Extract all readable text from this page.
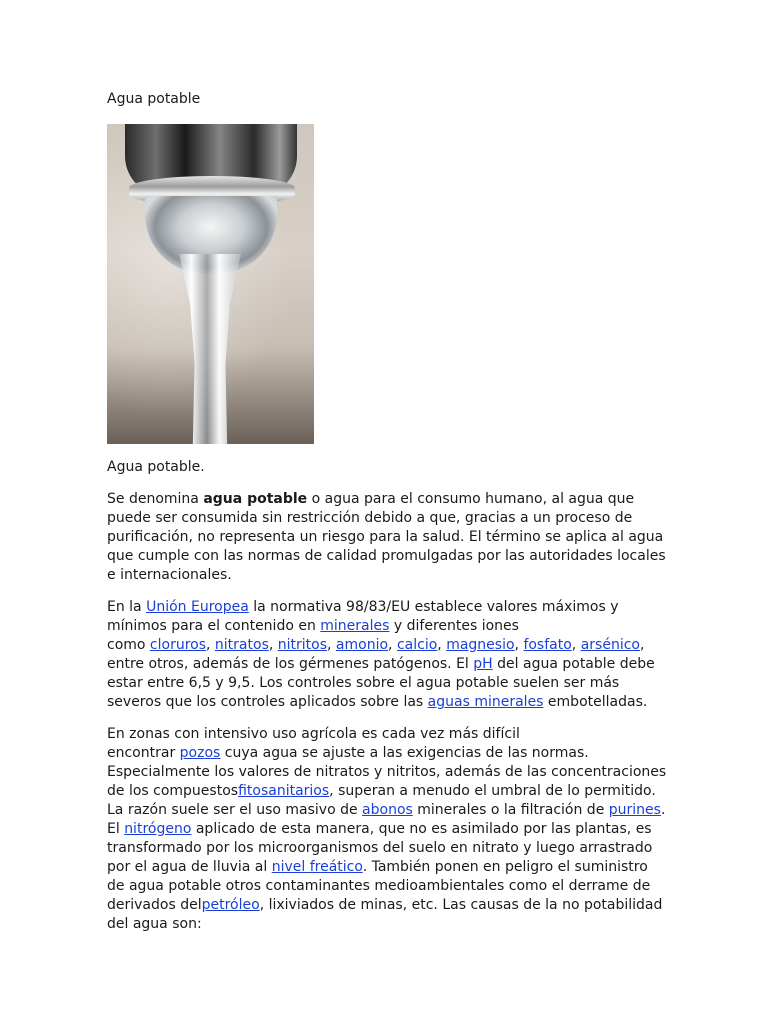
Agua potable

Agua potable.

Se denomina agua potable o agua para el consumo humano, al agua que
puede ser consumida sin restricción debido a que, gracias a un proceso de
purificación, no representa un riesgo para la salud. El término se aplica al agua
que cumple con las normas de calidad promulgadas por las autoridades locales
e internacionales.

En la Unión Europea la normativa 98/83/EU establece valores máximos y
mínimos para el contenido en minerales y diferentes iones
como cloruros, nitratos, nitritos, amonio, calcio, magnesio, fosfato, arsénico,
entre otros, además de los gérmenes patógenos. El pH del agua potable debe
estar entre 6,5 y 9,5. Los controles sobre el agua potable suelen ser más
severos que los controles aplicados sobre las aguas minerales embotelladas.

En zonas con intensivo uso agrícola es cada vez más difícil
encontrar pozos cuya agua se ajuste a las exigencias de las normas.
Especialmente los valores de nitratos y nitritos, además de las concentraciones
de los compuestosfitosanitarios, superan a menudo el umbral de lo permitido.
La razón suele ser el uso masivo de abonos minerales o la filtración de purines.
El nitrógeno aplicado de esta manera, que no es asimilado por las plantas, es
transformado por los microorganismos del suelo en nitrato y luego arrastrado
por el agua de lluvia al nivel freático. También ponen en peligro el suministro
de agua potable otros contaminantes medioambientales como el derrame de
derivados delpetróleo, lixiviados de minas, etc. Las causas de la no potabilidad
del agua son:
